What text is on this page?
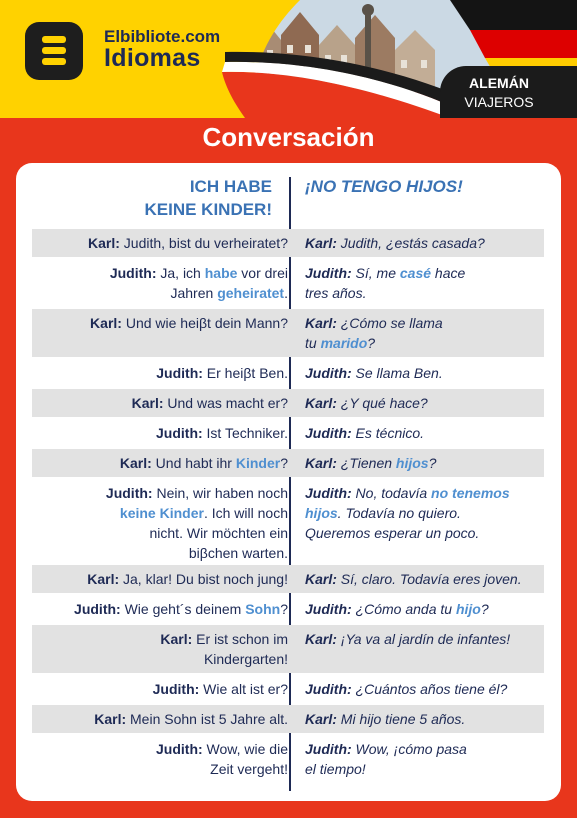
Elbibliote.com
Idiomas
ALEMÁN
VIAJEROS
Conversación
ICH HABE
KEINE KINDER!
¡NO TENGO HIJOS!
Karl: Judith, bist du verheiratet? Karl: Judith, ¿estás casada?
Judith: Ja, ich habe vor drei
Jahren geheiratet.
Judith: Sí, me casé hace
tres años.
Karl: Und wie heiβt dein Mann? Karl: ¿Cómo se llama
tu marido?
Judith: Er heiβt Ben. Judith: Se llama Ben.
Karl: Und was macht er? Karl: ¿Y qué hace?
Judith: Ist Techniker. Judith: Es técnico.
Karl: Und habt ihr Kinder? Karl: ¿Tienen hijos?
Judith: Nein, wir haben noch
keine Kinder. Ich will noch
nicht. Wir möchten ein
biβchen warten.
Judith: No, todavía no tenemos
hijos. Todavía no quiero.
Queremos esperar un poco.
Karl: Ja, klar! Du bist noch jung! Karl: Sí, claro. Todavía eres joven.
Judith: Wie geht´s deinem Sohn? Judith: ¿Cómo anda tu hijo?
Karl: Er ist schon im
Kindergarten!
Karl: ¡Ya va al jardín de infantes!
Judith: Wie alt ist er? Judith: ¿Cuántos años tiene él?
Karl: Mein Sohn ist 5 Jahre alt. Karl: Mi hijo tiene 5 años.
Judith: Wow, wie die
Zeit vergeht!
Judith: Wow, ¡cómo pasa
el tiempo!
